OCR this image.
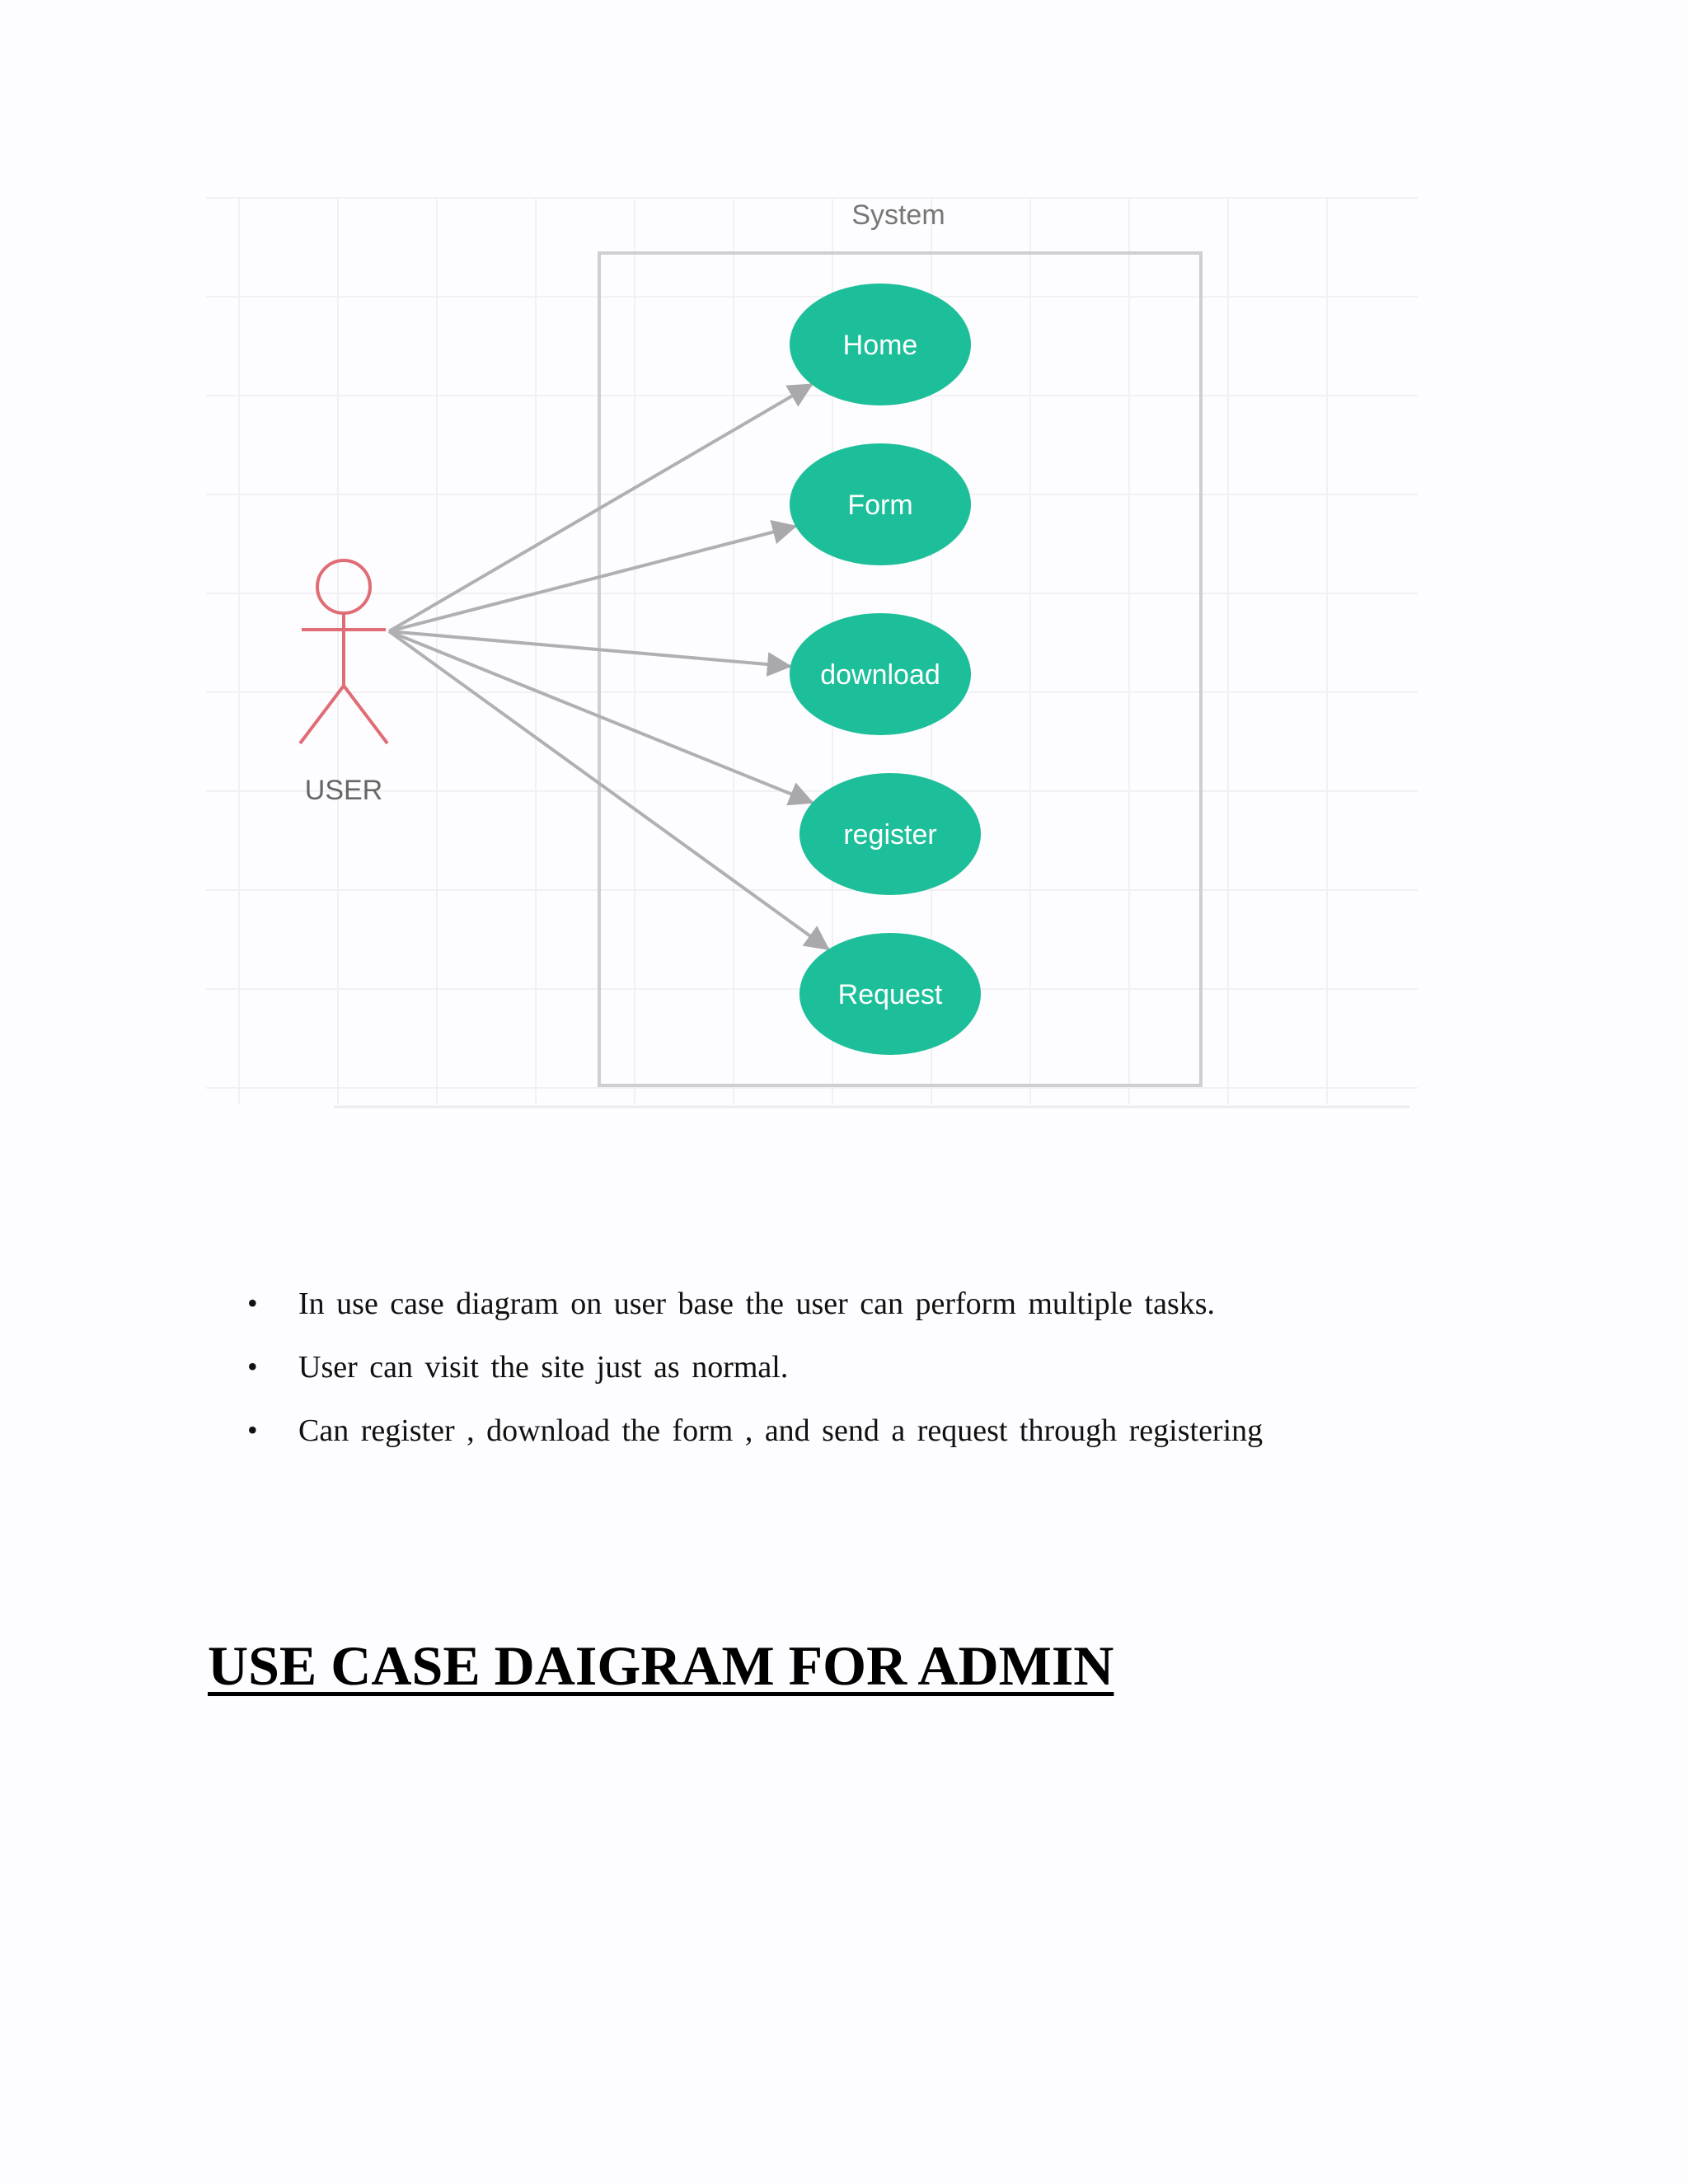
System
Home
Form
download
register
Request
USER
• In use case diagram on user base the user can perform multiple tasks.
• User can visit the site just as normal.
• Can register , download the form , and send a request through registering
USE CASE DAIGRAM FOR ADMIN
